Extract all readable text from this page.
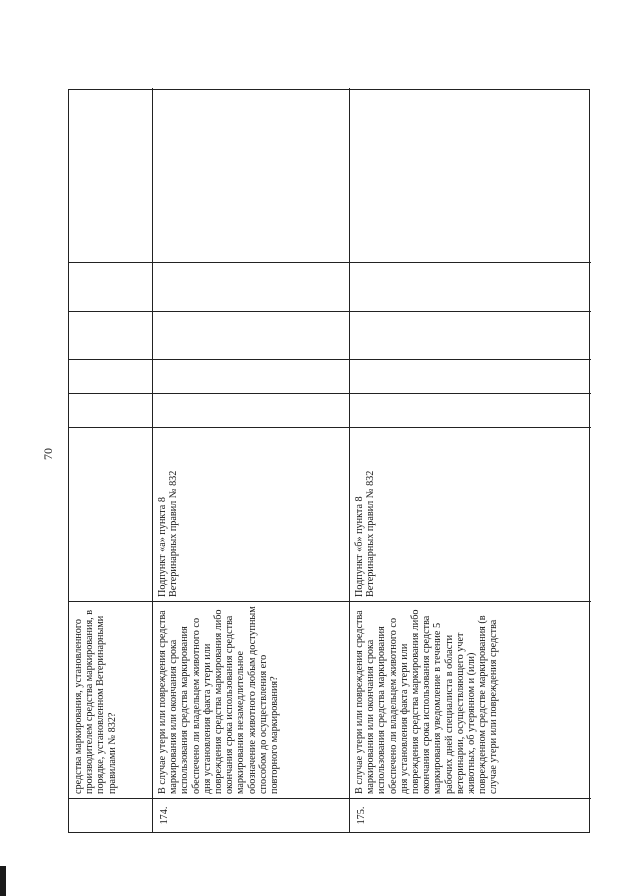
70
средства маркирования, установленного производителем средства маркирования, в порядке, установленном Ветеринарными правилами № 832?
174.
В случае утери или повреждения средства маркирования или окончания срока использования средства маркирования обеспечено ли владельцем животного со дня установления факта утери или повреждения средства маркирования либо окончания срока использования средства маркирования незамедлительное обозначение животного любым доступным способом до осуществления его повторного маркирования?
Подпункт «а» пункта 8 Ветеринарных правил № 832
175.
В случае утери или повреждения средства маркирования или окончания срока использования средства маркирования обеспечено ли владельцем животного со дня установления факта утери или повреждения средства маркирования либо окончания срока использования средства маркирования уведомление в течение 5 рабочих дней специалиста в области ветеринарии, осуществляющего учет животных, об утерянном и (или) поврежденном средстве маркирования (в случае утери или повреждения средства
Подпункт «б» пункта 8 Ветеринарных правил № 832
